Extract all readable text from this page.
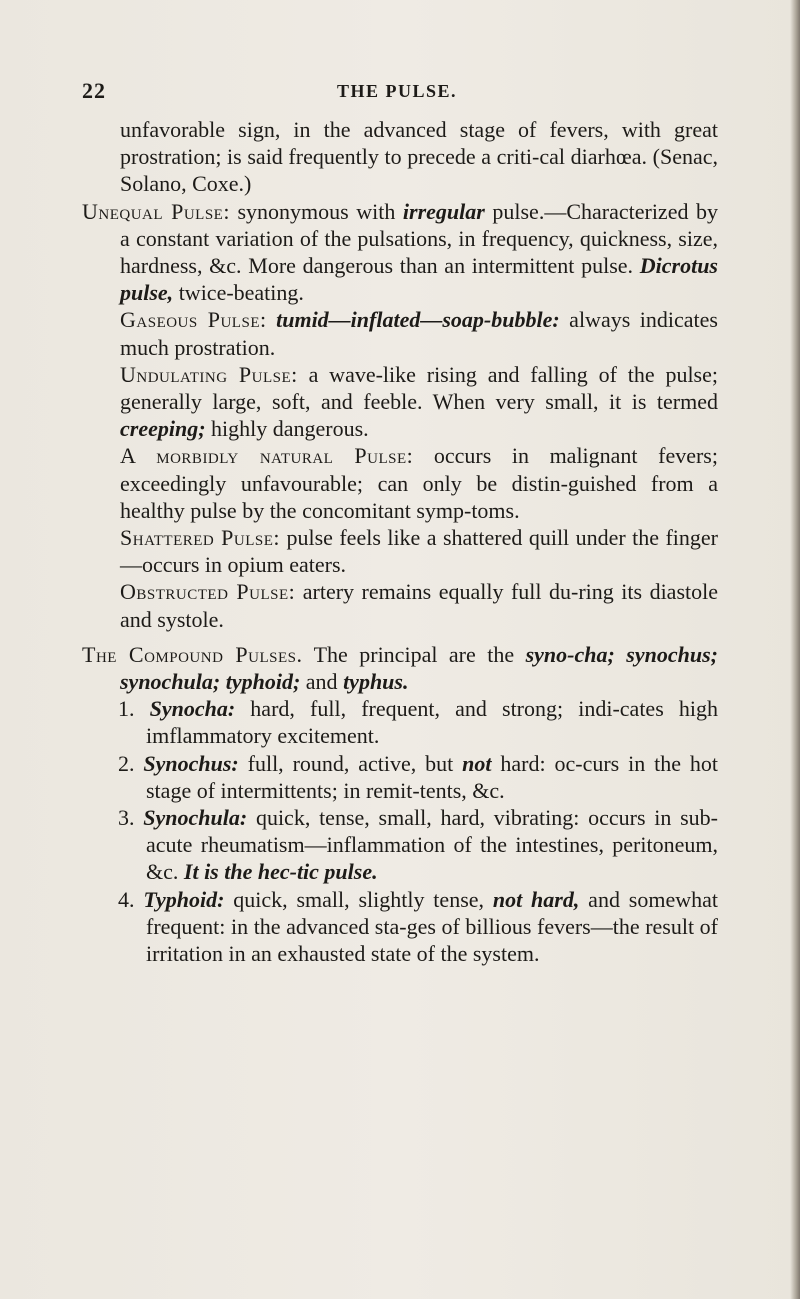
22	THE PULSE.

unfavorable sign, in the advanced stage of fevers, with great prostration; is said frequently to precede a criti-cal diarhœa. (Senac, Solano, Coxe.)

Unequal Pulse: synonymous with irregular pulse.—Characterized by a constant variation of the pulsations, in frequency, quickness, size, hardness, &c. More dangerous than an intermittent pulse. Dicrotus pulse, twice-beating.

Gaseous Pulse: tumid—inflated—soap-bubble: always indicates much prostration.

Undulating Pulse: a wave-like rising and falling of the pulse; generally large, soft, and feeble. When very small, it is termed creeping; highly dangerous.

A morbidly natural Pulse: occurs in malignant fevers; exceedingly unfavourable; can only be distin-guished from a healthy pulse by the concomitant symp-toms.

Shattered Pulse: pulse feels like a shattered quill under the finger—occurs in opium eaters.

Obstructed Pulse: artery remains equally full du-ring its diastole and systole.

The Compound Pulses. The principal are the syno-cha; synochus; synochula; typhoid; and typhus.

1. Synocha: hard, full, frequent, and strong; indi-cates high imflammatory excitement.

2. Synochus: full, round, active, but not hard: oc-curs in the hot stage of intermittents; in remit-tents, &c.

3. Synochula: quick, tense, small, hard, vibrating: occurs in sub-acute rheumatism—inflammation of the intestines, peritoneum, &c. It is the hec-tic pulse.

4. Typhoid: quick, small, slightly tense, not hard, and somewhat frequent: in the advanced sta-ges of billious fevers—the result of irritation in an exhausted state of the system.
